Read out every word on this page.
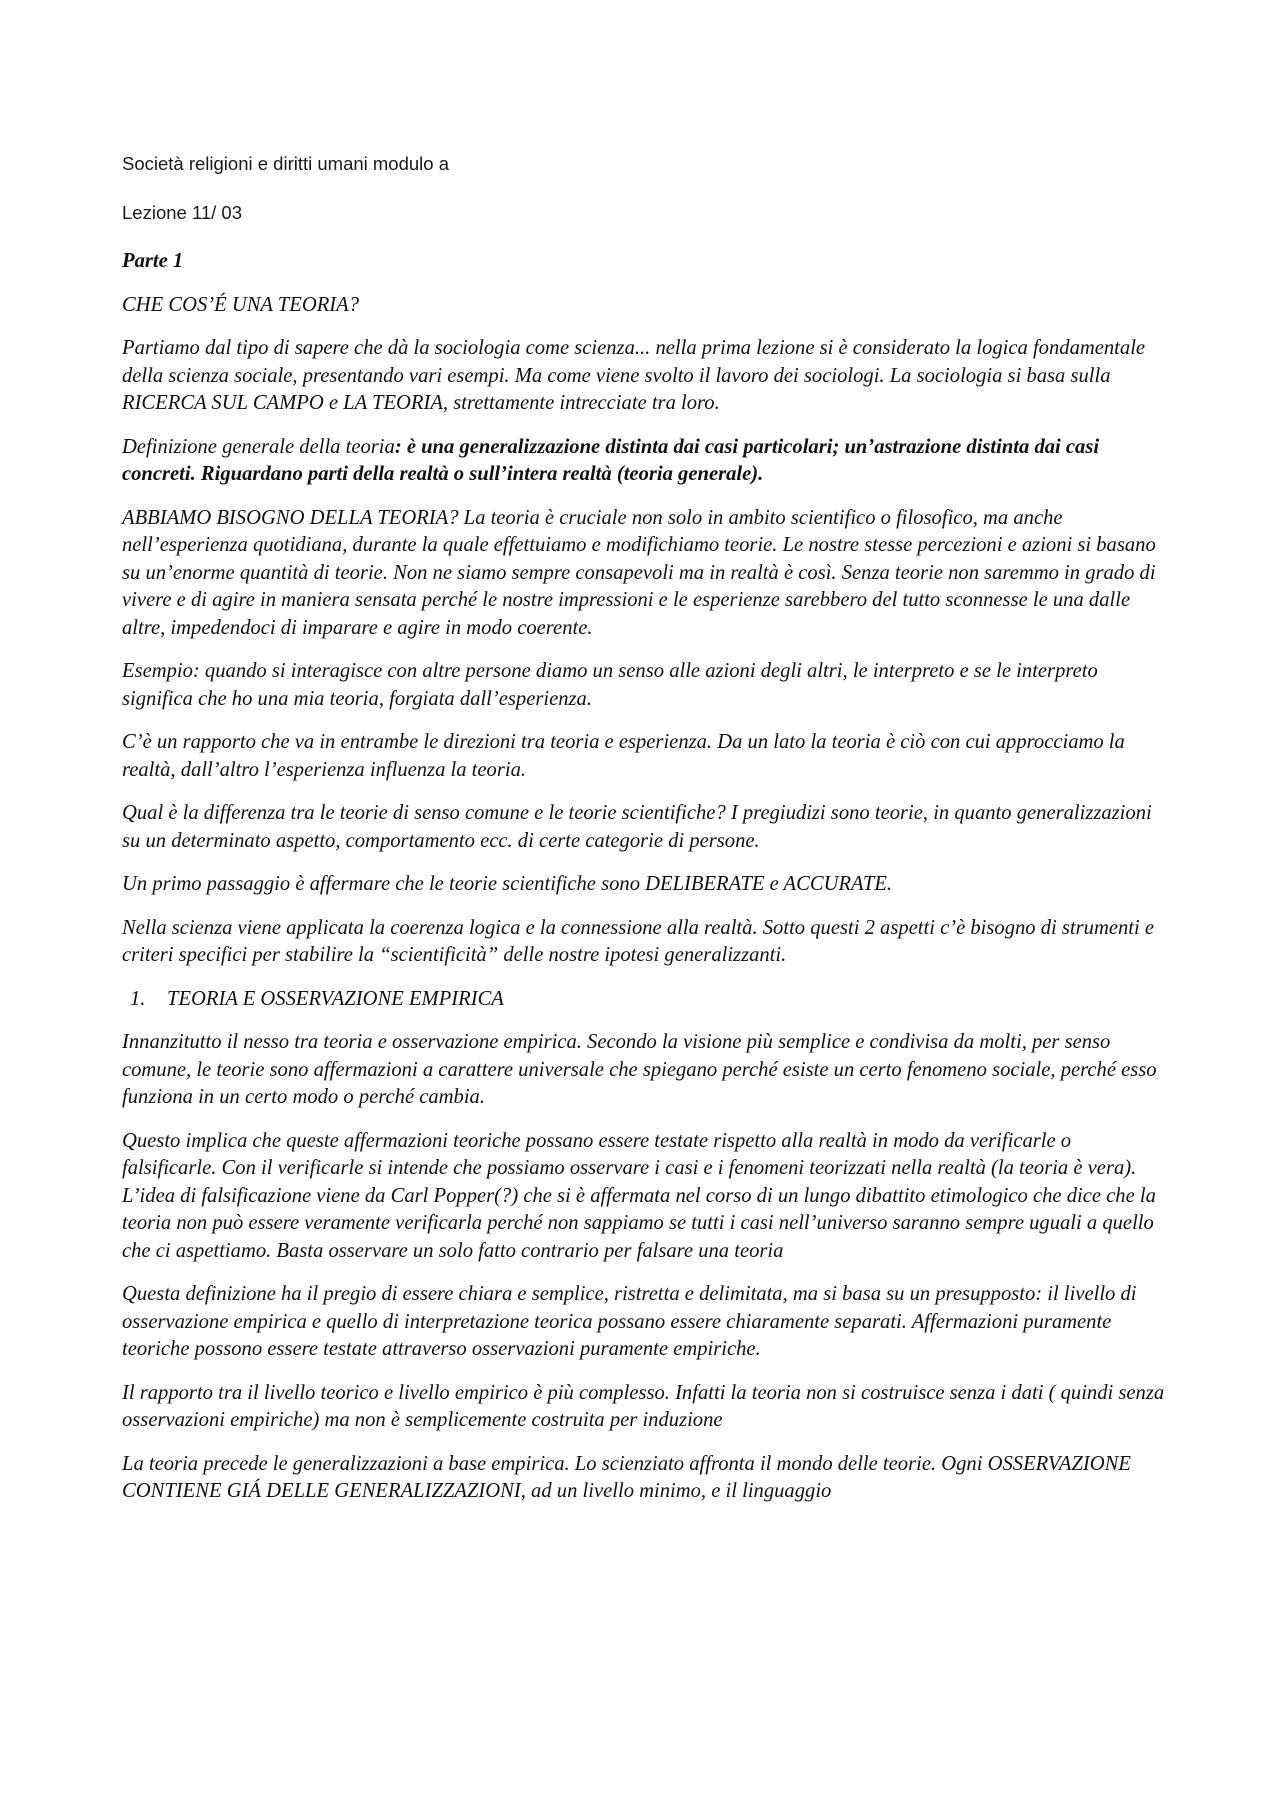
Società religioni e diritti umani modulo a

Lezione 11/ 03

Parte 1

CHE COS’É UNA TEORIA?

Partiamo dal tipo di sapere che dà la sociologia come scienza... nella prima lezione si è considerato la logica fondamentale della scienza sociale, presentando vari esempi. Ma come viene svolto il lavoro dei sociologi. La sociologia si basa sulla RICERCA SUL CAMPO e LA TEORIA, strettamente intrecciate tra loro.

Definizione generale della teoria: è una generalizzazione distinta dai casi particolari; un’astrazione distinta dai casi concreti. Riguardano parti della realtà o sull’intera realtà (teoria generale).

ABBIAMO BISOGNO DELLA TEORIA? La teoria è cruciale non solo in ambito scientifico o filosofico, ma anche nell’esperienza quotidiana, durante la quale effettuiamo e modifichiamo teorie. Le nostre stesse percezioni e azioni si basano su un’enorme quantità di teorie. Non ne siamo sempre consapevoli ma in realtà è così. Senza teorie non saremmo in grado di vivere e di agire in maniera sensata perché le nostre impressioni e le esperienze sarebbero del tutto sconnesse le una dalle altre, impedendoci di imparare e agire in modo coerente.

Esempio: quando si interagisce con altre persone diamo un senso alle azioni degli altri, le interpreto e se le interpreto significa che ho una mia teoria, forgiata dall’esperienza.

C’è un rapporto che va in entrambe le direzioni tra teoria e esperienza. Da un lato la teoria è ciò con cui approcciamo la realtà, dall’altro l’esperienza influenza la teoria.

Qual è la differenza tra le teorie di senso comune e le teorie scientifiche? I pregiudizi sono teorie, in quanto generalizzazioni su un determinato aspetto, comportamento ecc. di certe categorie di persone.

Un primo passaggio è affermare che le teorie scientifiche sono DELIBERATE e ACCURATE.

Nella scienza viene applicata la coerenza logica e la connessione alla realtà. Sotto questi 2 aspetti c’è bisogno di strumenti e criteri specifici per stabilire la “scientificità” delle nostre ipotesi generalizzanti.

1.	TEORIA E OSSERVAZIONE EMPIRICA

Innanzitutto il nesso tra teoria e osservazione empirica. Secondo la visione più semplice e condivisa da molti, per senso comune, le teorie sono affermazioni a carattere universale che spiegano perché esiste un certo fenomeno sociale, perché esso funziona in un certo modo o perché cambia.

Questo implica che queste affermazioni teoriche possano essere testate rispetto alla realtà in modo da verificarle o falsificarle. Con il verificarle si intende che possiamo osservare i casi e i fenomeni teorizzati nella realtà (la teoria è vera). L’idea di falsificazione viene da Carl Popper(?) che si è affermata nel corso di un lungo dibattito etimologico che dice che la teoria non può essere veramente verificarla perché non sappiamo se tutti i casi nell’universo saranno sempre uguali a quello che ci aspettiamo. Basta osservare un solo fatto contrario per falsare una teoria

Questa definizione ha il pregio di essere chiara e semplice, ristretta e delimitata, ma si basa su un presupposto: il livello di osservazione empirica e quello di interpretazione teorica possano essere chiaramente separati. Affermazioni puramente teoriche possono essere testate attraverso osservazioni puramente empiriche.

Il rapporto tra il livello teorico e livello empirico è più complesso. Infatti la teoria non si costruisce senza i dati ( quindi senza osservazioni empiriche) ma non è semplicemente costruita per induzione

La teoria precede le generalizzazioni a base empirica. Lo scienziato affronta il mondo delle teorie. Ogni OSSERVAZIONE CONTIENE GIÁ DELLE GENERALIZZAZIONI, ad un livello minimo, e il linguaggio
